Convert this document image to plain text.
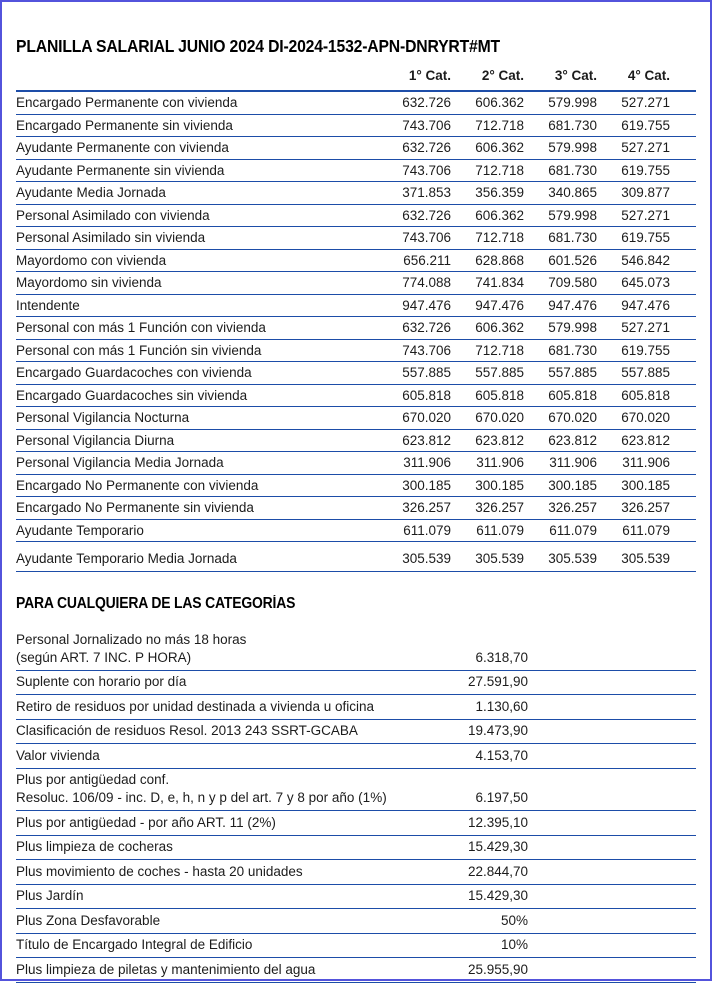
PLANILLA SALARIAL JUNIO 2024 DI-2024-1532-APN-DNRYRT#MT
	1° Cat.	2° Cat.	3° Cat.	4° Cat.
Encargado Permanente con vivienda	632.726	606.362	579.998	527.271
Encargado Permanente sin vivienda	743.706	712.718	681.730	619.755
Ayudante Permanente con vivienda	632.726	606.362	579.998	527.271
Ayudante Permanente sin vivienda	743.706	712.718	681.730	619.755
Ayudante Media Jornada	371.853	356.359	340.865	309.877
Personal Asimilado con vivienda	632.726	606.362	579.998	527.271
Personal Asimilado sin vivienda	743.706	712.718	681.730	619.755
Mayordomo con vivienda	656.211	628.868	601.526	546.842
Mayordomo sin vivienda	774.088	741.834	709.580	645.073
Intendente	947.476	947.476	947.476	947.476
Personal con más 1 Función con vivienda	632.726	606.362	579.998	527.271
Personal con más 1 Función sin vivienda	743.706	712.718	681.730	619.755
Encargado Guardacoches con vivienda	557.885	557.885	557.885	557.885
Encargado Guardacoches sin vivienda	605.818	605.818	605.818	605.818
Personal Vigilancia Nocturna	670.020	670.020	670.020	670.020
Personal Vigilancia Diurna	623.812	623.812	623.812	623.812
Personal Vigilancia Media Jornada	311.906	311.906	311.906	311.906
Encargado No Permanente con vivienda	300.185	300.185	300.185	300.185
Encargado No Permanente sin vivienda	326.257	326.257	326.257	326.257
Ayudante Temporario	611.079	611.079	611.079	611.079
Ayudante Temporario Media Jornada	305.539	305.539	305.539	305.539
PARA CUALQUIERA DE LAS CATEGORÍAS
Personal Jornalizado no más 18 horas
(según ART. 7 INC. P HORA)	6.318,70	

Suplente con horario por día	27.591,90	

Retiro de residuos por unidad destinada a vivienda u oficina	1.130,60	

Clasificación de residuos Resol. 2013 243 SSRT-GCABA	19.473,90	

Valor vivienda	4.153,70	

Plus por antigüedad conf.
Resoluc. 106/09 - inc. D, e, h, n y p del art. 7 y 8 por año (1%)	6.197,50	

Plus por antigüedad - por año ART. 11 (2%)	12.395,10	

Plus limpieza de cocheras	15.429,30	

Plus movimiento de coches - hasta 20 unidades	22.844,70	

Plus Jardín	15.429,30	

Plus Zona Desfavorable	50%	

Título de Encargado Integral de Edificio	10%	

Plus limpieza de piletas y mantenimiento del agua	25.955,90	
